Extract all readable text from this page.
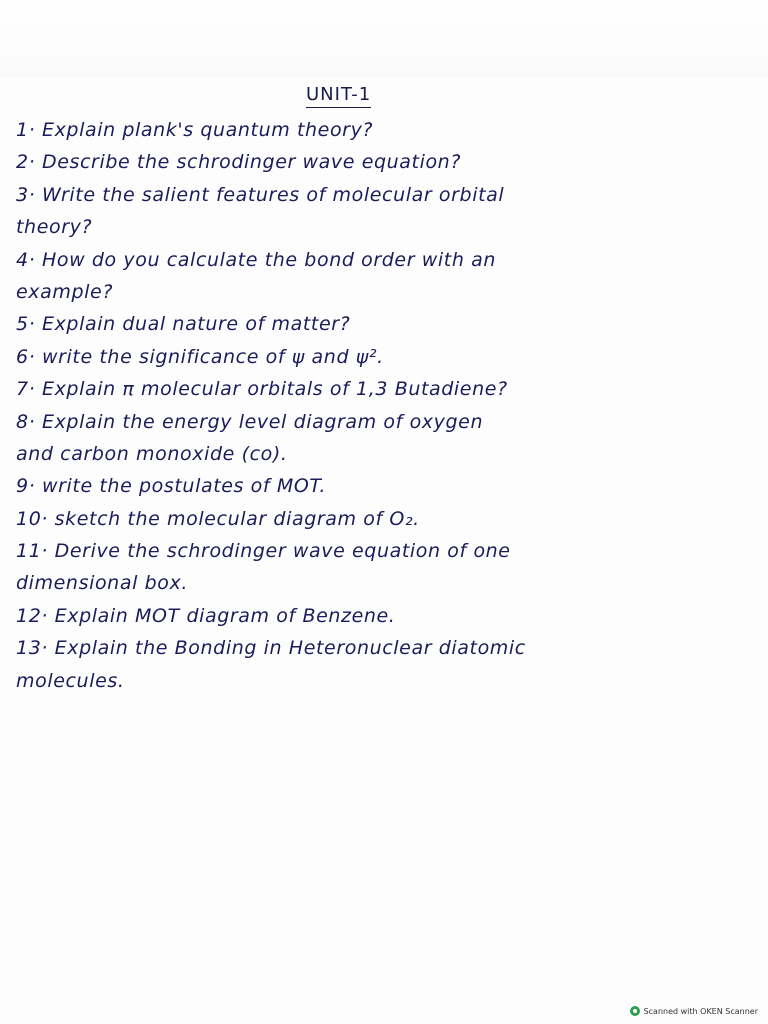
UNIT-1
1· Explain plank's quantum theory?
2· Describe the schrodinger wave equation?
3· Write the salient features of molecular orbital
theory?
4· How do you calculate the bond order with an
example?
5· Explain dual nature of matter?
6· write the significance of ψ and ψ².
7· Explain π molecular orbitals of 1,3 Butadiene?
8· Explain the energy level diagram of oxygen
and carbon monoxide (co).
9· write the postulates of MOT.
10· sketch the molecular diagram of O₂.
11· Derive the schrodinger wave equation of one
dimensional box.
12· Explain MOT diagram of Benzene.
13· Explain the Bonding in Heteronuclear diatomic
molecules.
Scanned with OKEN Scanner
